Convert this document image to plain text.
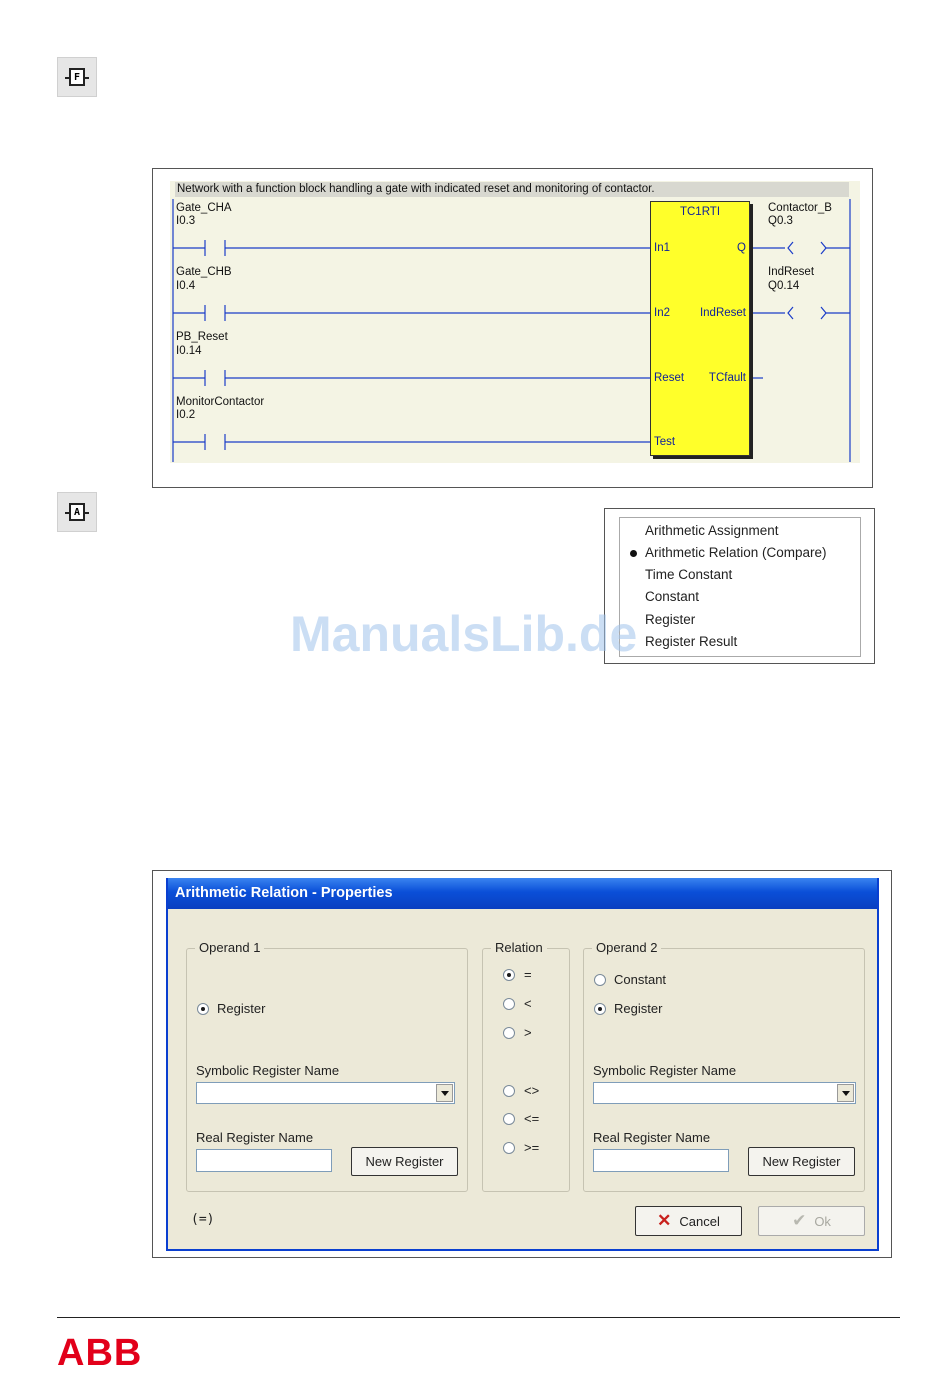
F
Network with a function block handling a gate with indicated reset and monitoring of contactor.
Gate_CHA
I0.3
Gate_CHB
I0.4
PB_Reset
I0.14
MonitorContactor
I0.2
Contactor_B
Q0.3
IndReset
Q0.14
TC1RTI
In1
In2
Reset
Test
Q
IndReset
TCfault
A
Arithmetic Assignment
Arithmetic Relation (Compare)
Time Constant
Constant
Register
Register Result
ManualsLib.de
Arithmetic Relation - Properties
Operand 1
Register
Symbolic Register Name
Real Register Name
New Register
Relation
=
<
>
<>
<=
>=
Operand 2
Constant
Register
Symbolic Register Name
Real Register Name
New Register
(=)	✕ Cancel	✔ Ok
ABB
